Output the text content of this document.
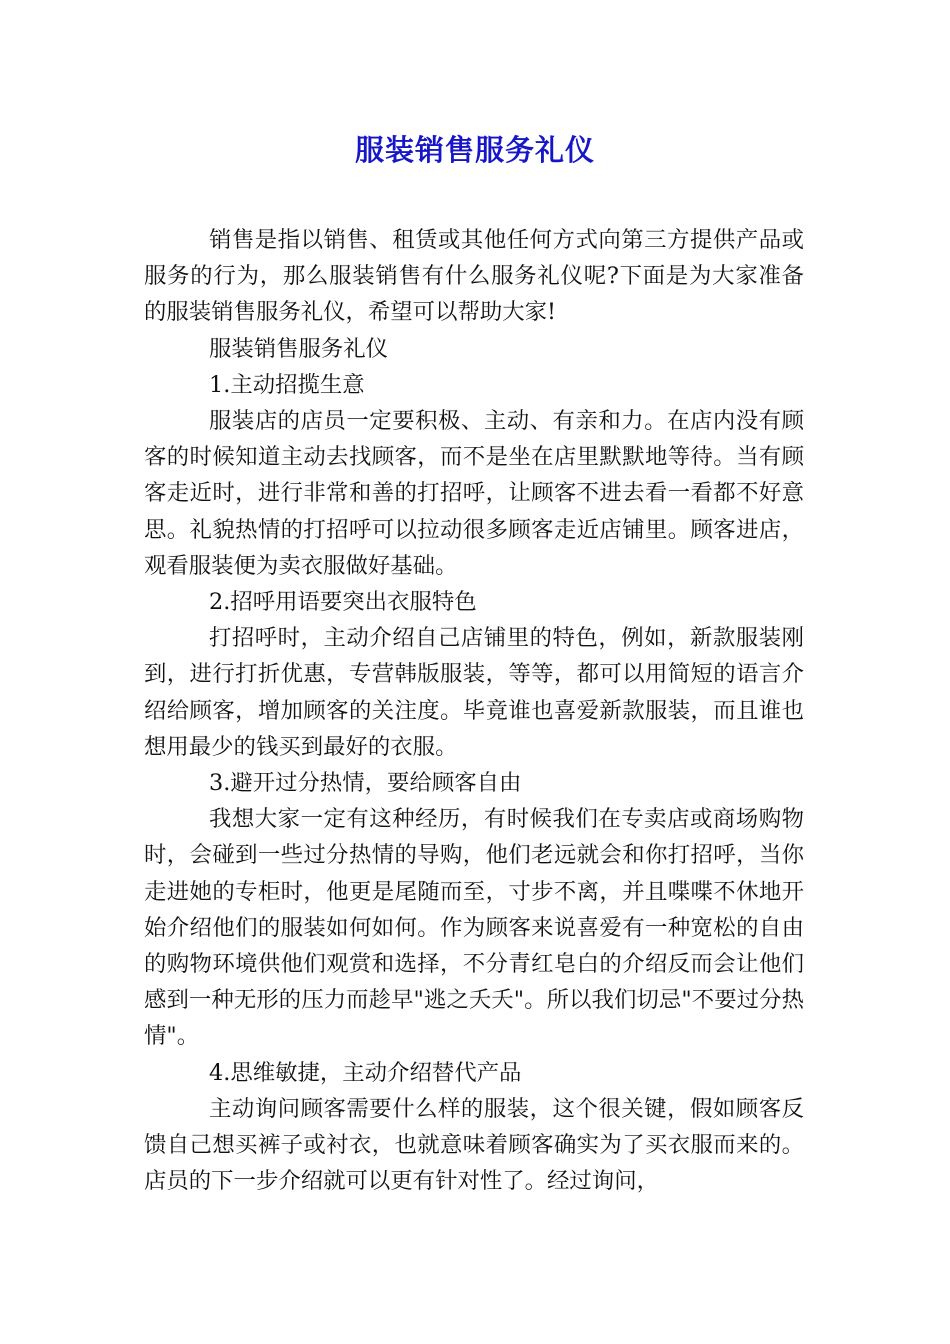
服装销售服务礼仪

销售是指以销售、租赁或其他任何方式向第三方提供产品或服务的行为，那么服装销售有什么服务礼仪呢?下面是为大家准备的服装销售服务礼仪，希望可以帮助大家!

服装销售服务礼仪

1.主动招揽生意

服装店的店员一定要积极、主动、有亲和力。在店内没有顾客的时候知道主动去找顾客，而不是坐在店里默默地等待。当有顾客走近时，进行非常和善的打招呼，让顾客不进去看一看都不好意思。礼貌热情的打招呼可以拉动很多顾客走近店铺里。顾客进店，观看服装便为卖衣服做好基础。

2.招呼用语要突出衣服特色

打招呼时，主动介绍自己店铺里的特色，例如，新款服装刚到，进行打折优惠，专营韩版服装，等等，都可以用简短的语言介绍给顾客，增加顾客的关注度。毕竟谁也喜爱新款服装，而且谁也想用最少的钱买到最好的衣服。

3.避开过分热情，要给顾客自由

我想大家一定有这种经历，有时候我们在专卖店或商场购物时，会碰到一些过分热情的导购，他们老远就会和你打招呼，当你走进她的专柜时，他更是尾随而至，寸步不离，并且喋喋不休地开始介绍他们的服装如何如何。作为顾客来说喜爱有一种宽松的自由的购物环境供他们观赏和选择，不分青红皂白的介绍反而会让他们感到一种无形的压力而趁早"逃之夭夭"。所以我们切忌"不要过分热情"。

4.思维敏捷，主动介绍替代产品

主动询问顾客需要什么样的服装，这个很关键，假如顾客反馈自己想买裤子或衬衣，也就意味着顾客确实为了买衣服而来的。店员的下一步介绍就可以更有针对性了。经过询问，
